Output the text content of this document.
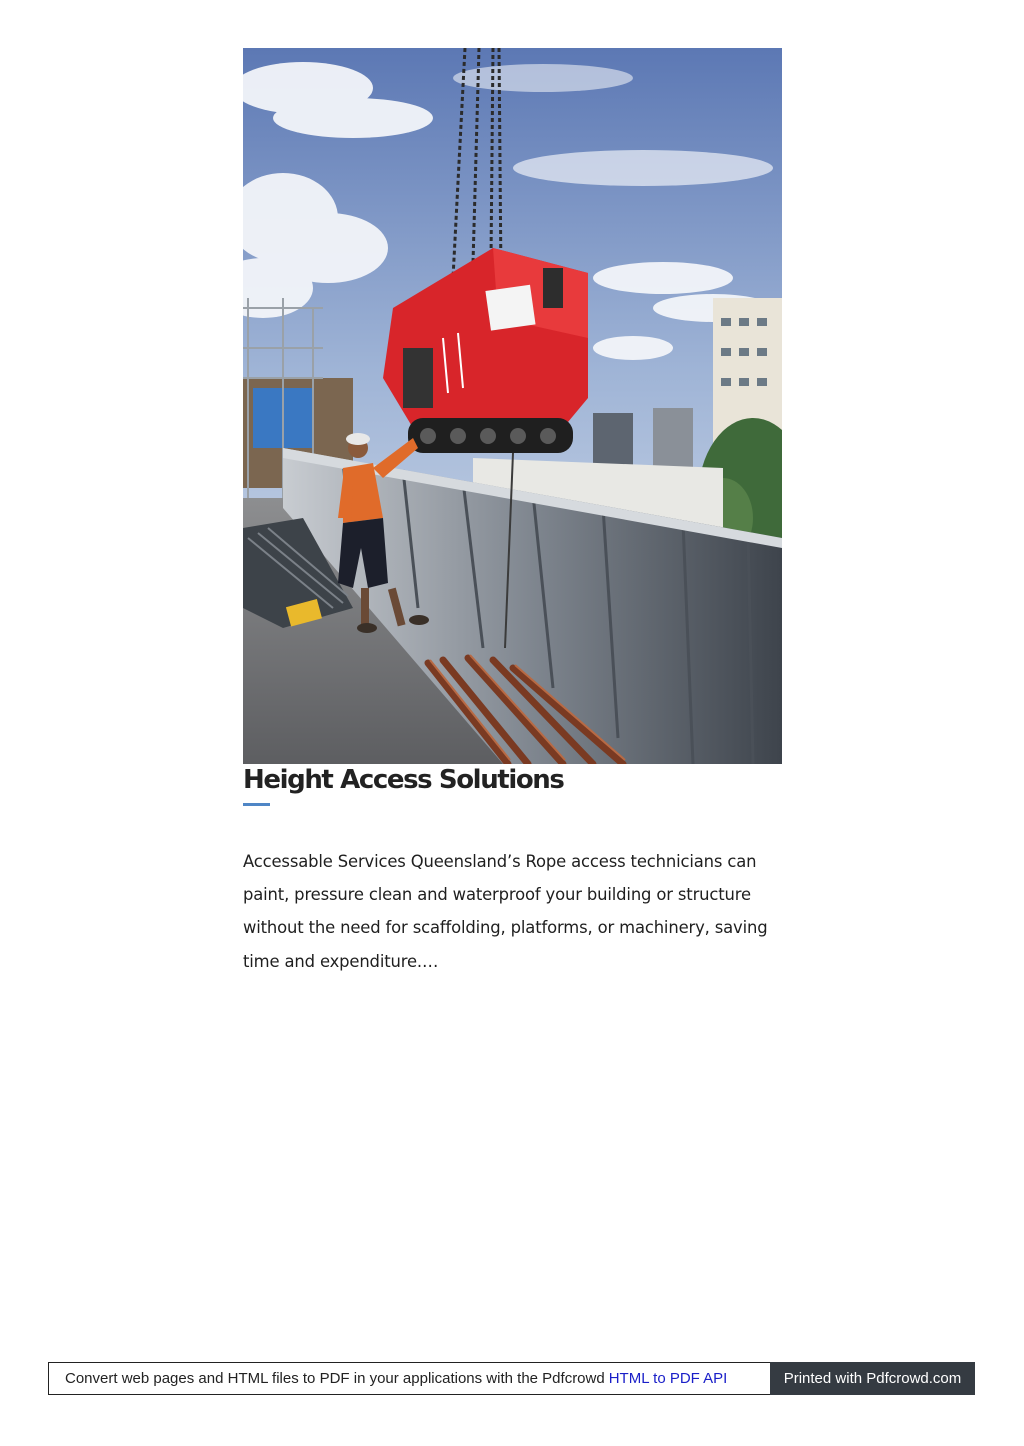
Height Access Solutions

Accessable Services Queensland’s Rope access technicians can paint, pressure clean and waterproof your building or structure without the need for scaffolding, platforms, or machinery, saving time and expenditure.…

Convert web pages and HTML files to PDF in your applications with the Pdfcrowd HTML to PDF API	Printed with Pdfcrowd.com
